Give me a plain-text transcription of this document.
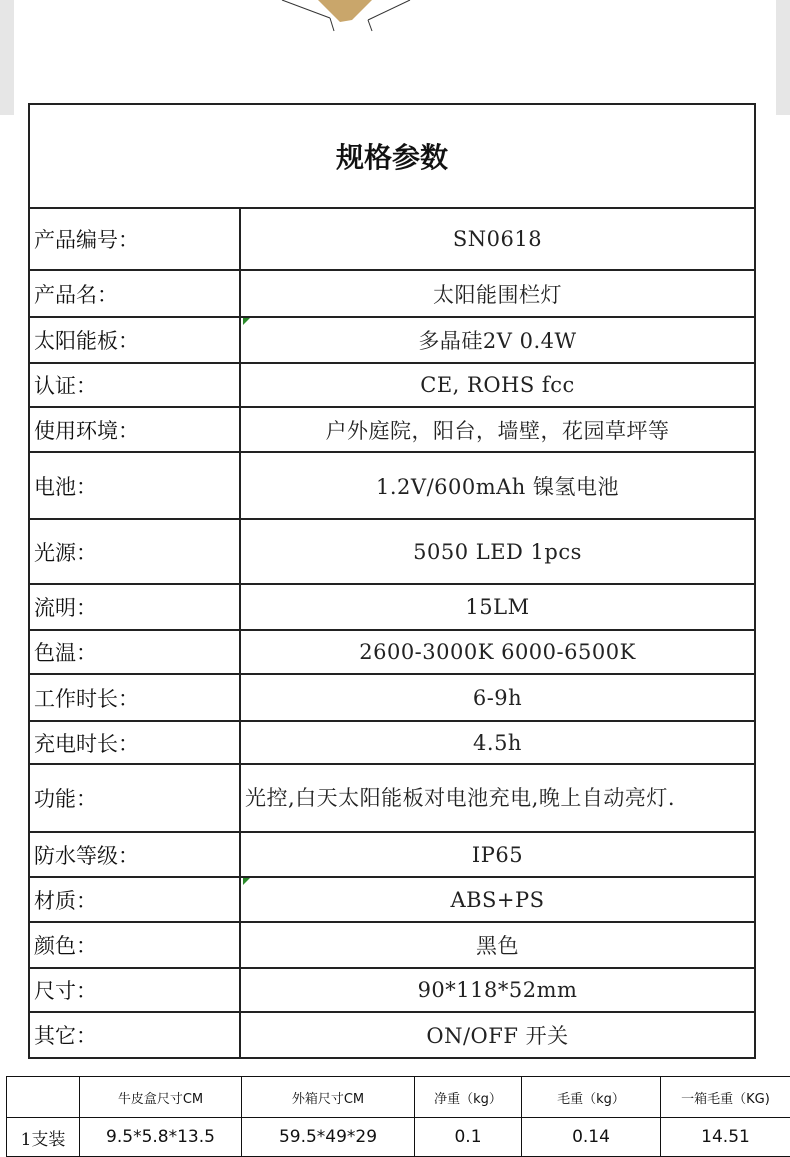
规格参数
产品编号：	SN0618
产品名：	太阳能围栏灯
太阳能板：	多晶硅2V 0.4W
认证：	CE, ROHS fcc
使用环境：	户外庭院，阳台，墙壁，花园草坪等
电池：	1.2V/600mAh 镍氢电池
光源：	5050 LED 1pcs
流明：	15LM
色温：	2600-3000K 6000-6500K
工作时长：	6-9h
充电时长：	4.5h
功能：	光控,白天太阳能板对电池充电,晚上自动亮灯.
防水等级：	IP65
材质：	ABS+PS
颜色：	黑色
尺寸：	90*118*52mm
其它：	ON/OFF 开关
	牛皮盒尺寸CM	外箱尺寸CM	净重（kg）	毛重（kg）	一箱毛重（KG)
1支装	9.5*5.8*13.5	59.5*49*29	0.1	0.14	14.51
